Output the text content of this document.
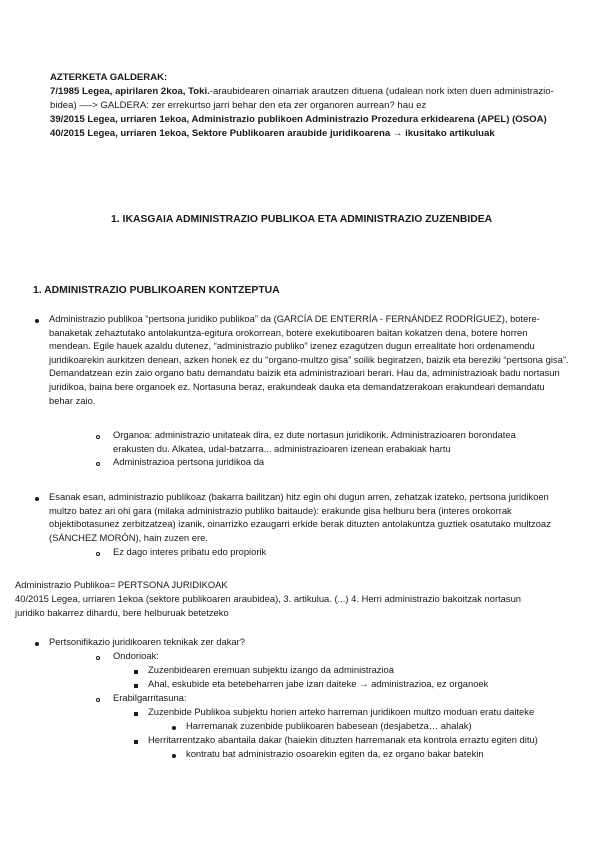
AZTERKETA GALDERAK:

7/1985 Legea, apirilaren 2koa, Toki.-araubidearen oinarriak arautzen dituena (udalean nork ixten duen administrazio-bidea) —-> GALDERA: zer errekurtso jarri behar den eta zer organoren aurrean? hau ez

39/2015 Legea, urriaren 1ekoa, Administrazio publikoen Administrazio Prozedura erkidearena (APEL) (OSOA)

40/2015 Legea, urriaren 1ekoa, Sektore Publikoaren araubide juridikoarena → ikusitako artikuluak

1. IKASGAIA ADMINISTRAZIO PUBLIKOA ETA ADMINISTRAZIO ZUZENBIDEA
1. ADMINISTRAZIO PUBLIKOAREN KONTZEPTUA
Administrazio publikoa “pertsona juridiko publikoa” da (GARCÍA DE ENTERRÍA - FERNÁNDEZ RODRÍGUEZ), botere-banaketak zehaztutako antolakuntza-egitura orokorrean, botere exekutiboaren baitan kokatzen dena, botere horren mendean. Egile hauek azaldu dutenez, “administrazio publiko” izenez ezagutzen dugun errealitate hori ordenamendu juridikoarekin aurkitzen denean, azken honek ez du “organo-multzo gisa” soilik begiratzen, baizik eta bereziki “pertsona gisa”. Demandatzean ezin zaio organo batu demandatu baizik eta administrazioari berari. Hau da, administrazioak badu nortasun juridikoa, baina bere organoek ez. Nortasuna beraz, erakundeak dauka eta demandatzerakoan erakundeari demandatu behar zaio.
Organoa: administrazio unitateak dira, ez dute nortasun juridikorik. Administrazioaren borondatea erakusten du. Alkatea, udal-batzarra... administrazioaren izenean erabakiak hartu
Administrazioa pertsona juridikoa da
Esanak esan, administrazio publikoaz (bakarra bailitzan) hitz egin ohi dugun arren, zehatzak izateko, pertsona juridikoen multzo batez ari ohi gara (milaka administrazio publiko baitaude): erakunde gisa helburu bera (interes orokorrak objektibotasunez zerbitzatzea) izanik, oinarrizko ezaugarri erkide berak dituzten antolakuntza guztiek osatutako multzoaz (SÁNCHEZ MORÓN), hain zuzen ere.
Ez dago interes pribatu edo propiorik
Administrazio Publikoa= PERTSONA JURIDIKOAK
40/2015 Legea, urriaren 1ekoa (sektore publikoaren araubidea), 3. artikulua. (...) 4. Herri administrazio bakoitzak nortasun juridiko bakarrez dihardu, bere helburuak betetzeko
Pertsonifikazio juridikoaren teknikak zer dakar?
Ondorioak:
Zuzenbidearen eremuan subjektu izango da administrazioa
Ahal, eskubide eta betebeharren jabe izan daiteke → administrazioa, ez organoek
Erabilgarritasuna:
Zuzenbide Publikoa subjektu horien arteko harreman juridikoen multzo moduan eratu daiteke
Harremanak zuzenbide publikoaren babesean (desjabetza… ahalak)
Herritarrentzako abantaila dakar (haiekin dituzten harremanak eta kontrola erraztu egiten ditu)
kontratu bat administrazio osoarekin egiten da, ez organo bakar batekin
